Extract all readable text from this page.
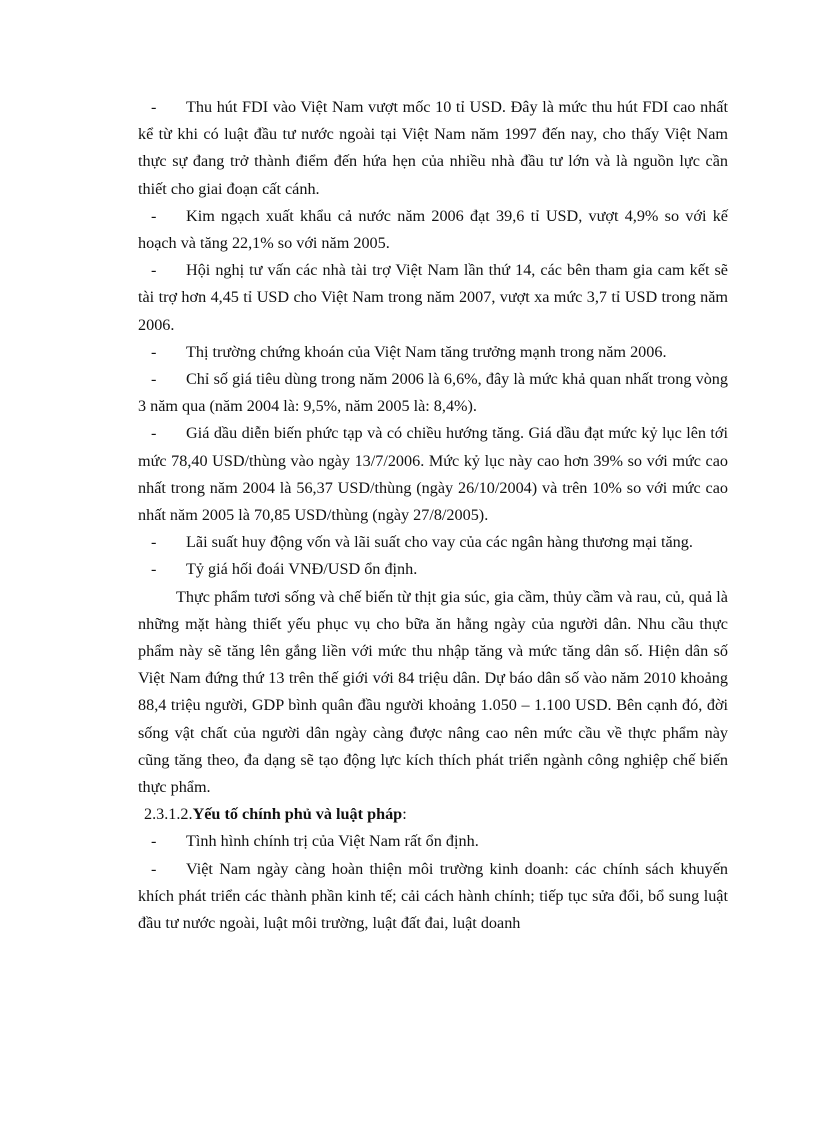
- Thu hút FDI vào Việt Nam vượt mốc 10 tỉ USD. Đây là mức thu hút FDI cao nhất kể từ khi có luật đầu tư nước ngoài tại Việt Nam năm 1997 đến nay, cho thấy Việt Nam thực sự đang trở thành điểm đến hứa hẹn của nhiều nhà đầu tư lớn và là nguồn lực cần thiết cho giai đoạn cất cánh.

- Kim ngạch xuất khẩu cả nước năm 2006 đạt 39,6 tỉ USD, vượt 4,9% so với kế hoạch và tăng 22,1% so với năm 2005.

- Hội nghị tư vấn các nhà tài trợ Việt Nam lần thứ 14, các bên tham gia cam kết sẽ tài trợ hơn 4,45 tỉ USD cho Việt Nam trong năm 2007, vượt xa mức 3,7 tỉ USD trong năm 2006.

- Thị trường chứng khoán của Việt Nam tăng trưởng mạnh trong năm 2006.

- Chỉ số giá tiêu dùng trong năm 2006 là 6,6%, đây là mức khả quan nhất trong vòng 3 năm qua (năm 2004 là: 9,5%, năm 2005 là: 8,4%).

- Giá dầu diễn biến phức tạp và có chiều hướng tăng. Giá dầu đạt mức kỷ lục lên tới mức 78,40 USD/thùng vào ngày 13/7/2006. Mức kỷ lục này cao hơn 39% so với mức cao nhất trong năm 2004 là 56,37 USD/thùng (ngày 26/10/2004) và trên 10% so với mức cao nhất năm 2005 là 70,85 USD/thùng (ngày 27/8/2005).

- Lãi suất huy động vốn và lãi suất cho vay của các ngân hàng thương mại tăng.

- Tỷ giá hối đoái VNĐ/USD ổn định.

Thực phẩm tươi sống và chế biến từ thịt gia súc, gia cầm, thủy cầm và rau, củ, quả là những mặt hàng thiết yếu phục vụ cho bữa ăn hằng ngày của người dân. Nhu cầu thực phẩm này sẽ tăng lên gắng liền với mức thu nhập tăng và mức tăng dân số. Hiện dân số Việt Nam đứng thứ 13 trên thế giới với 84 triệu dân. Dự báo dân số vào năm 2010 khoảng 88,4 triệu người, GDP bình quân đầu người khoảng 1.050 – 1.100 USD. Bên cạnh đó, đời sống vật chất của người dân ngày càng được nâng cao nên mức cầu về thực phẩm này cũng tăng theo, đa dạng sẽ tạo động lực kích thích phát triển ngành công nghiệp chế biến thực phẩm.

2.3.1.2.Yếu tố chính phủ và luật pháp:

- Tình hình chính trị của Việt Nam rất ổn định.

- Việt Nam ngày càng hoàn thiện môi trường kinh doanh: các chính sách khuyến khích phát triển các thành phần kinh tế; cải cách hành chính; tiếp tục sửa đổi, bổ sung luật đầu tư nước ngoài, luật môi trường, luật đất đai, luật doanh
